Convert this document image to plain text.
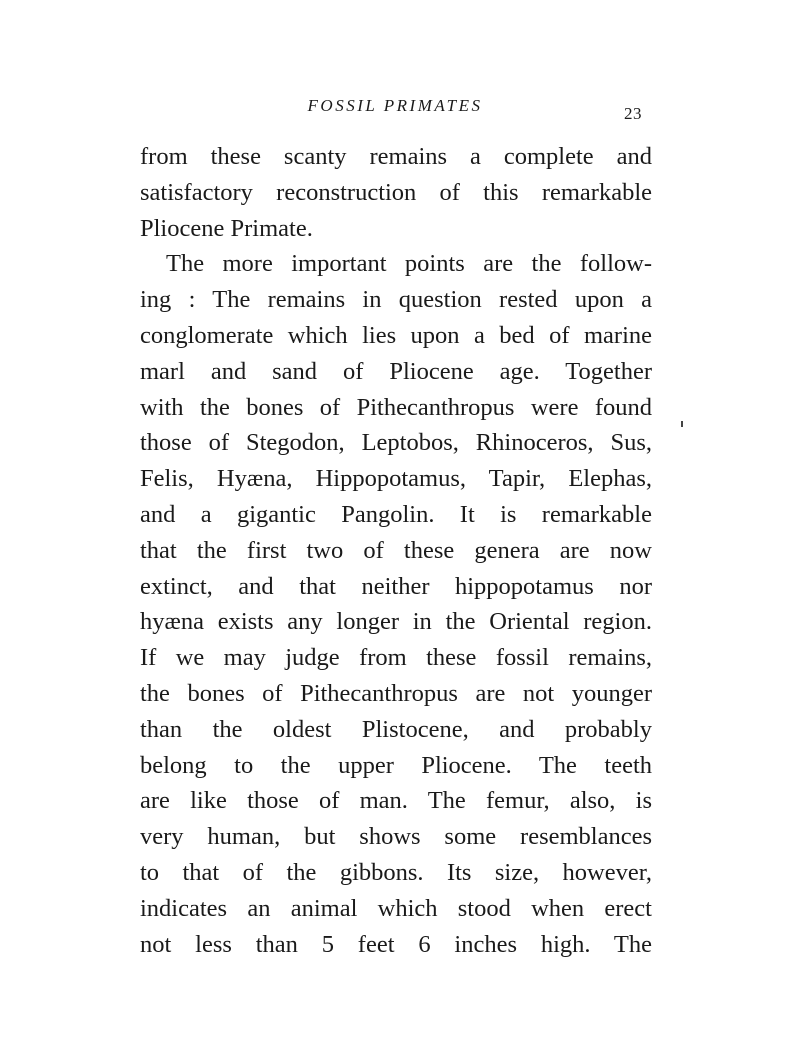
FOSSIL PRIMATES	23
from these scanty remains a complete and
satisfactory reconstruction of this remarkable
Pliocene Primate.
The more important points are the follow-
ing : The remains in question rested upon a
conglomerate which lies upon a bed of marine
marl and sand of Pliocene age. Together
with the bones of Pithecanthropus were found
those of Stegodon, Leptobos, Rhinoceros, Sus,
Felis, Hyæna, Hippopotamus, Tapir, Elephas,
and a gigantic Pangolin. It is remarkable
that the first two of these genera are now
extinct, and that neither hippopotamus nor
hyæna exists any longer in the Oriental region.
If we may judge from these fossil remains,
the bones of Pithecanthropus are not younger
than the oldest Plistocene, and probably
belong to the upper Pliocene. The teeth
are like those of man. The femur, also, is
very human, but shows some resemblances
to that of the gibbons. Its size, however,
indicates an animal which stood when erect
not less than 5 feet 6 inches high. The
